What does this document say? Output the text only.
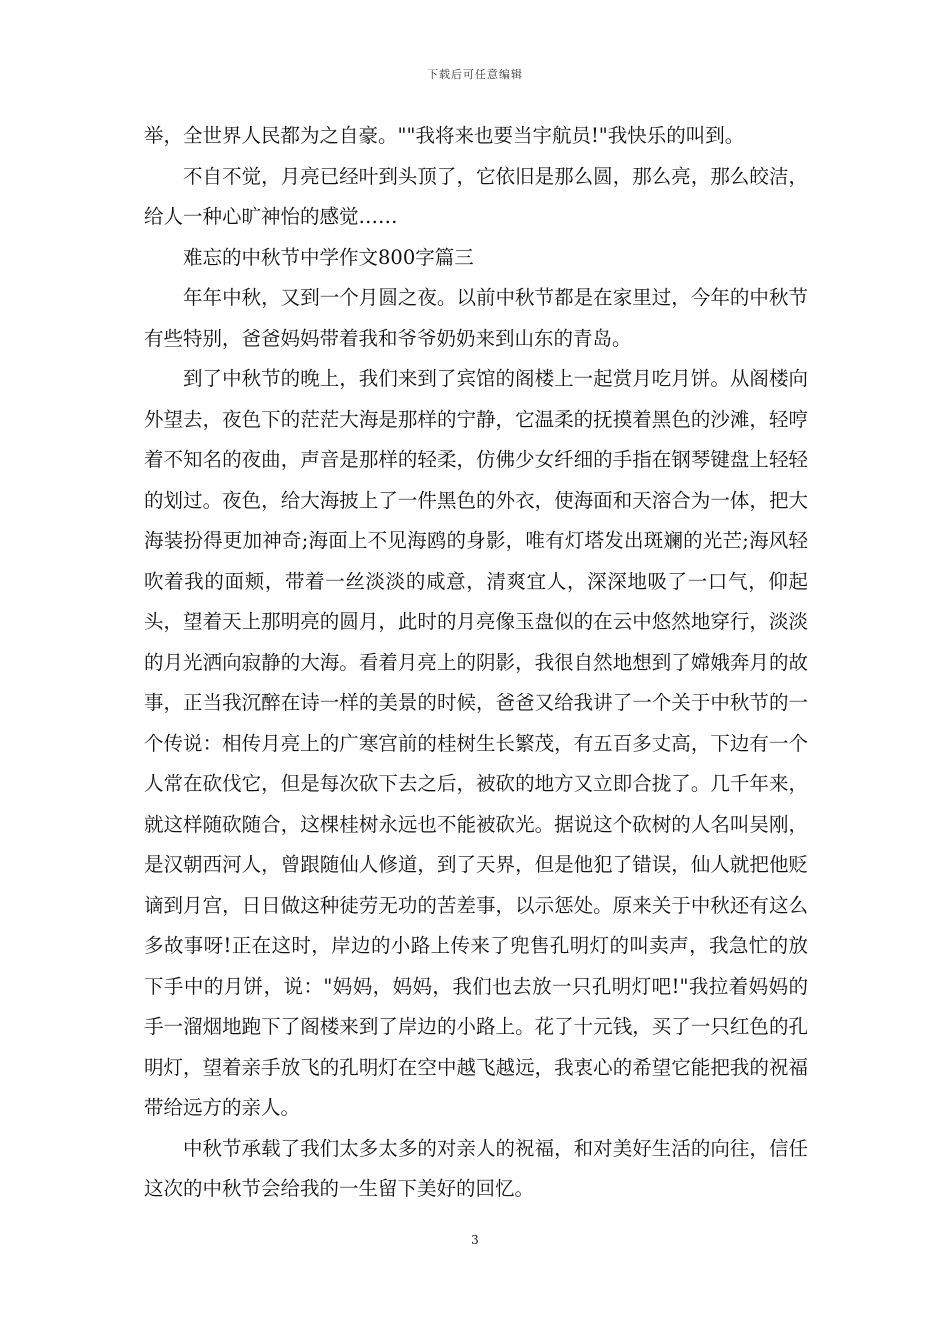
下载后可任意编辑

举，全世界人民都为之自豪。""我将来也要当宇航员!"我快乐的叫到。

不自不觉，月亮已经叶到头顶了，它依旧是那么圆，那么亮，那么皎洁，给人一种心旷神怡的感觉……

难忘的中秋节中学作文800字篇三

年年中秋，又到一个月圆之夜。以前中秋节都是在家里过，今年的中秋节有些特别，爸爸妈妈带着我和爷爷奶奶来到山东的青岛。

到了中秋节的晚上，我们来到了宾馆的阁楼上一起赏月吃月饼。从阁楼向外望去，夜色下的茫茫大海是那样的宁静，它温柔的抚摸着黑色的沙滩，轻哼着不知名的夜曲，声音是那样的轻柔，仿佛少女纤细的手指在钢琴键盘上轻轻的划过。夜色，给大海披上了一件黑色的外衣，使海面和天溶合为一体，把大海装扮得更加神奇;海面上不见海鸥的身影，唯有灯塔发出斑斓的光芒;海风轻吹着我的面颊，带着一丝淡淡的咸意，清爽宜人，深深地吸了一口气，仰起头，望着天上那明亮的圆月，此时的月亮像玉盘似的在云中悠然地穿行，淡淡的月光洒向寂静的大海。看着月亮上的阴影，我很自然地想到了嫦娥奔月的故事，正当我沉醉在诗一样的美景的时候，爸爸又给我讲了一个关于中秋节的一个传说：相传月亮上的广寒宫前的桂树生长繁茂，有五百多丈高，下边有一个人常在砍伐它，但是每次砍下去之后，被砍的地方又立即合拢了。几千年来，就这样随砍随合，这棵桂树永远也不能被砍光。据说这个砍树的人名叫吴刚，是汉朝西河人，曾跟随仙人修道，到了天界，但是他犯了错误，仙人就把他贬谪到月宫，日日做这种徒劳无功的苦差事，以示惩处。原来关于中秋还有这么多故事呀!正在这时，岸边的小路上传来了兜售孔明灯的叫卖声，我急忙的放下手中的月饼，说："妈妈，妈妈，我们也去放一只孔明灯吧!"我拉着妈妈的手一溜烟地跑下了阁楼来到了岸边的小路上。花了十元钱，买了一只红色的孔明灯，望着亲手放飞的孔明灯在空中越飞越远，我衷心的希望它能把我的祝福带给远方的亲人。

中秋节承载了我们太多太多的对亲人的祝福，和对美好生活的向往，信任这次的中秋节会给我的一生留下美好的回忆。

3
